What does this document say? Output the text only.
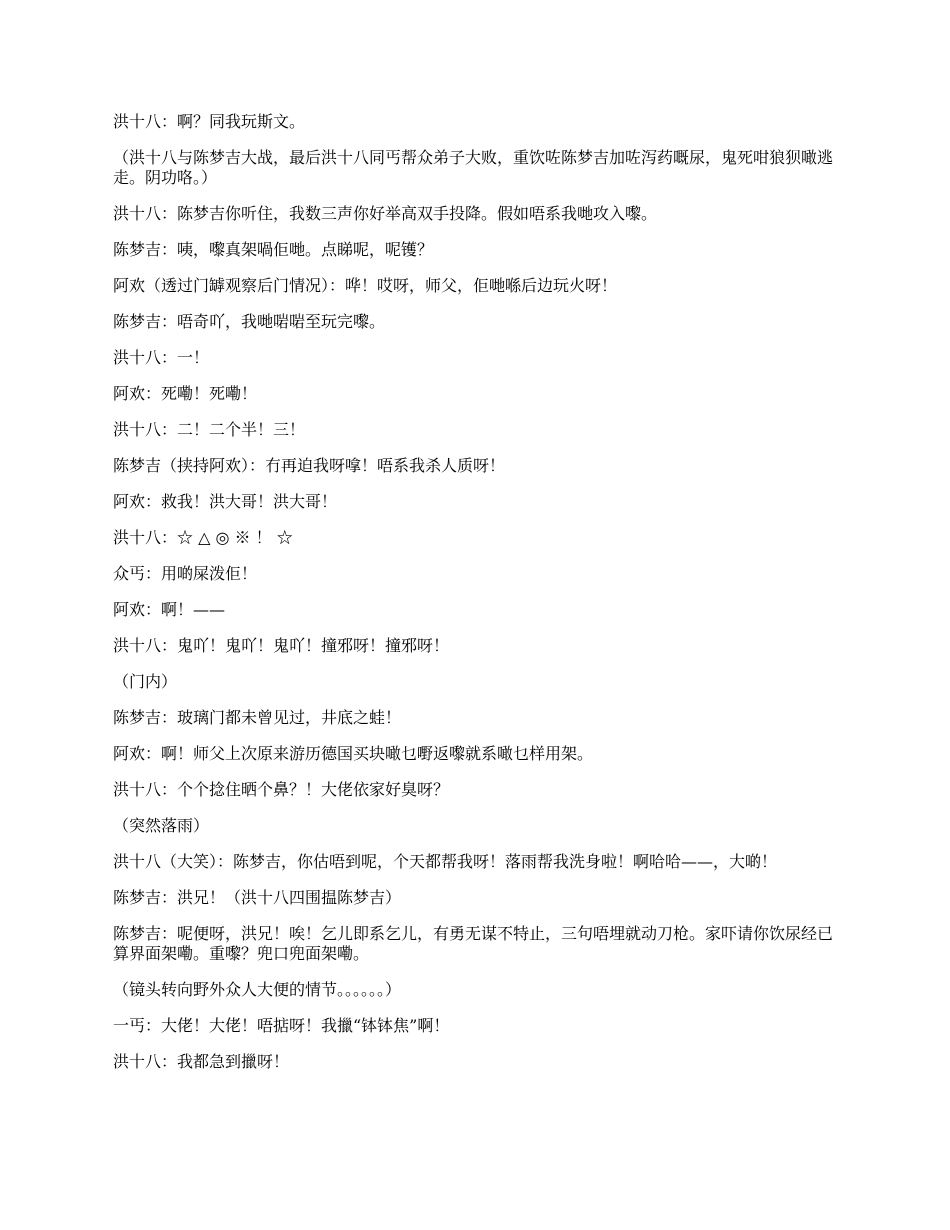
洪十八：啊？同我玩斯文。

（洪十八与陈梦吉大战，最后洪十八同丐帮众弟子大败，重饮咗陈梦吉加咗泻药嘅尿，鬼死咁狼狈噉逃走。阴功咯。）

洪十八：陈梦吉你听住，我数三声你好举高双手投降。假如唔系我哋攻入嚟。

陈梦吉：咦，嚟真架喎佢哋。点睇呢，呢镬？

阿欢（透过门罅观察后门情况）：哗！哎呀，师父，佢哋喺后边玩火呀！

陈梦吉：唔奇吖，我哋啱啱至玩完嚟。

洪十八：一！

阿欢：死嘞！死嘞！

洪十八：二！二个半！三！

陈梦吉（挟持阿欢）：冇再迫我呀嗱！唔系我杀人质呀！

阿欢：救我！洪大哥！洪大哥！

洪十八：☆ △ ◎ ※ ！ ☆

众丐：用啲屎泼佢！

阿欢：啊！——

洪十八：鬼吖！鬼吖！鬼吖！撞邪呀！撞邪呀！

（门内）

陈梦吉：玻璃门都未曾见过，井底之蛙！

阿欢：啊！师父上次原来游历德国买块噉乜嘢返嚟就系噉乜样用架。

洪十八：个个捻住晒个鼻？！大佬依家好臭呀？

（突然落雨）

洪十八（大笑）：陈梦吉，你估唔到呢，个天都帮我呀！落雨帮我洗身啦！啊哈哈——，大啲！

陈梦吉：洪兄！（洪十八四围揾陈梦吉）

陈梦吉：呢便呀，洪兄！唉！乞儿即系乞儿，有勇无谋不特止，三句唔埋就动刀枪。家吓请你饮尿经已算界面架嘞。重嚟？兜口兜面架嘞。

（镜头转向野外众人大便的情节。。。。。。）

一丐：大佬！大佬！唔掂呀！我擸“钵钵焦”啊！

洪十八：我都急到擸呀！
